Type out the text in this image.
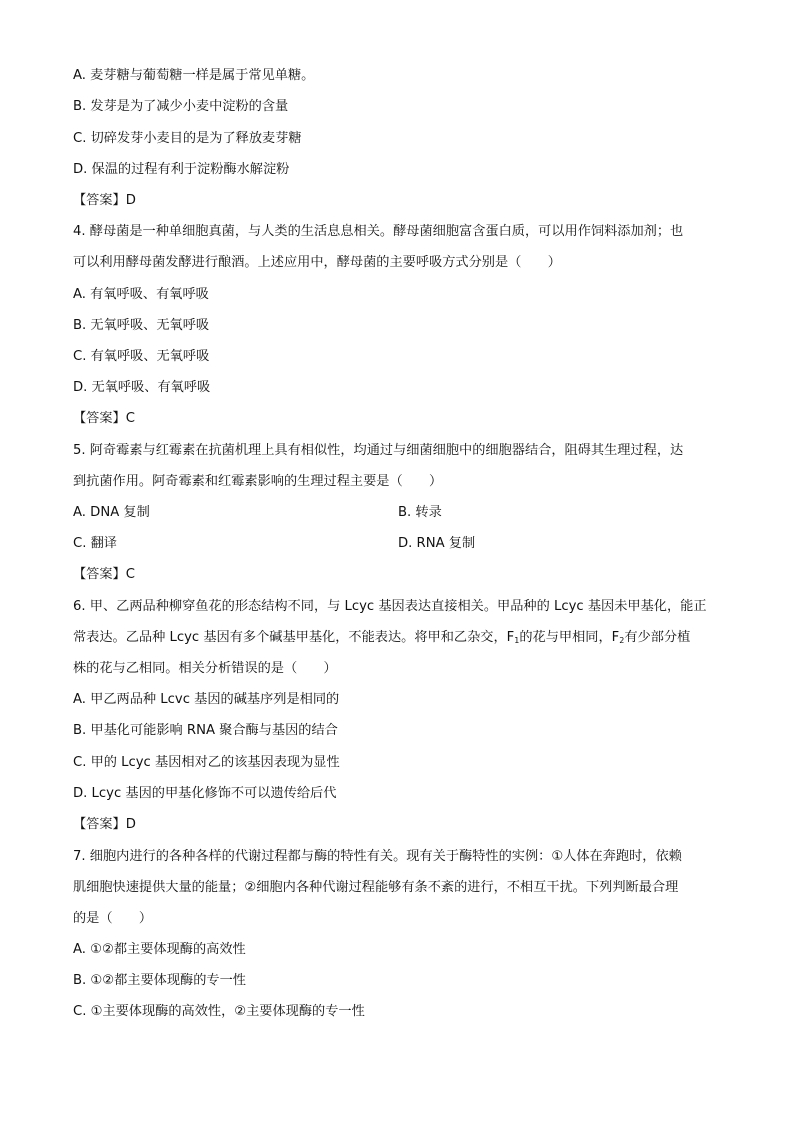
A. 麦芽糖与葡萄糖一样是属于常见单糖。
B. 发芽是为了减少小麦中淀粉的含量
C. 切碎发芽小麦目的是为了释放麦芽糖
D. 保温的过程有利于淀粉酶水解淀粉
【答案】D
4. 酵母菌是一种单细胞真菌，与人类的生活息息相关。酵母菌细胞富含蛋白质，可以用作饲料添加剂；也
可以利用酵母菌发酵进行酿酒。上述应用中，酵母菌的主要呼吸方式分别是（　　）
A. 有氧呼吸、有氧呼吸
B. 无氧呼吸、无氧呼吸
C. 有氧呼吸、无氧呼吸
D. 无氧呼吸、有氧呼吸
【答案】C
5. 阿奇霉素与红霉素在抗菌机理上具有相似性，均通过与细菌细胞中的细胞器结合，阻碍其生理过程，达
到抗菌作用。阿奇霉素和红霉素影响的生理过程主要是（　　）
A. DNA 复制	B. 转录
C. 翻译	D. RNA 复制
【答案】C
6. 甲、乙两品种柳穿鱼花的形态结构不同，与 Lcyc 基因表达直接相关。甲品种的 Lcyc 基因未甲基化，能正
常表达。乙品种 Lcyc 基因有多个碱基甲基化，不能表达。将甲和乙杂交，$F_1$的花与甲相同，$F_2$有少部分植
株的花与乙相同。相关分析错误的是（　　）
A. 甲乙两品种 Lcvc 基因的碱基序列是相同的
B. 甲基化可能影响 RNA 聚合酶与基因的结合
C. 甲的 Lcyc 基因相对乙的该基因表现为显性
D. Lcyc 基因的甲基化修饰不可以遗传给后代
【答案】D
7. 细胞内进行的各种各样的代谢过程都与酶的特性有关。现有关于酶特性的实例：①人体在奔跑时，依赖
肌细胞快速提供大量的能量；②细胞内各种代谢过程能够有条不紊的进行，不相互干扰。下列判断最合理
的是（　　）
A. ①②都主要体现酶的高效性
B. ①②都主要体现酶的专一性
C. ①主要体现酶的高效性，②主要体现酶的专一性
